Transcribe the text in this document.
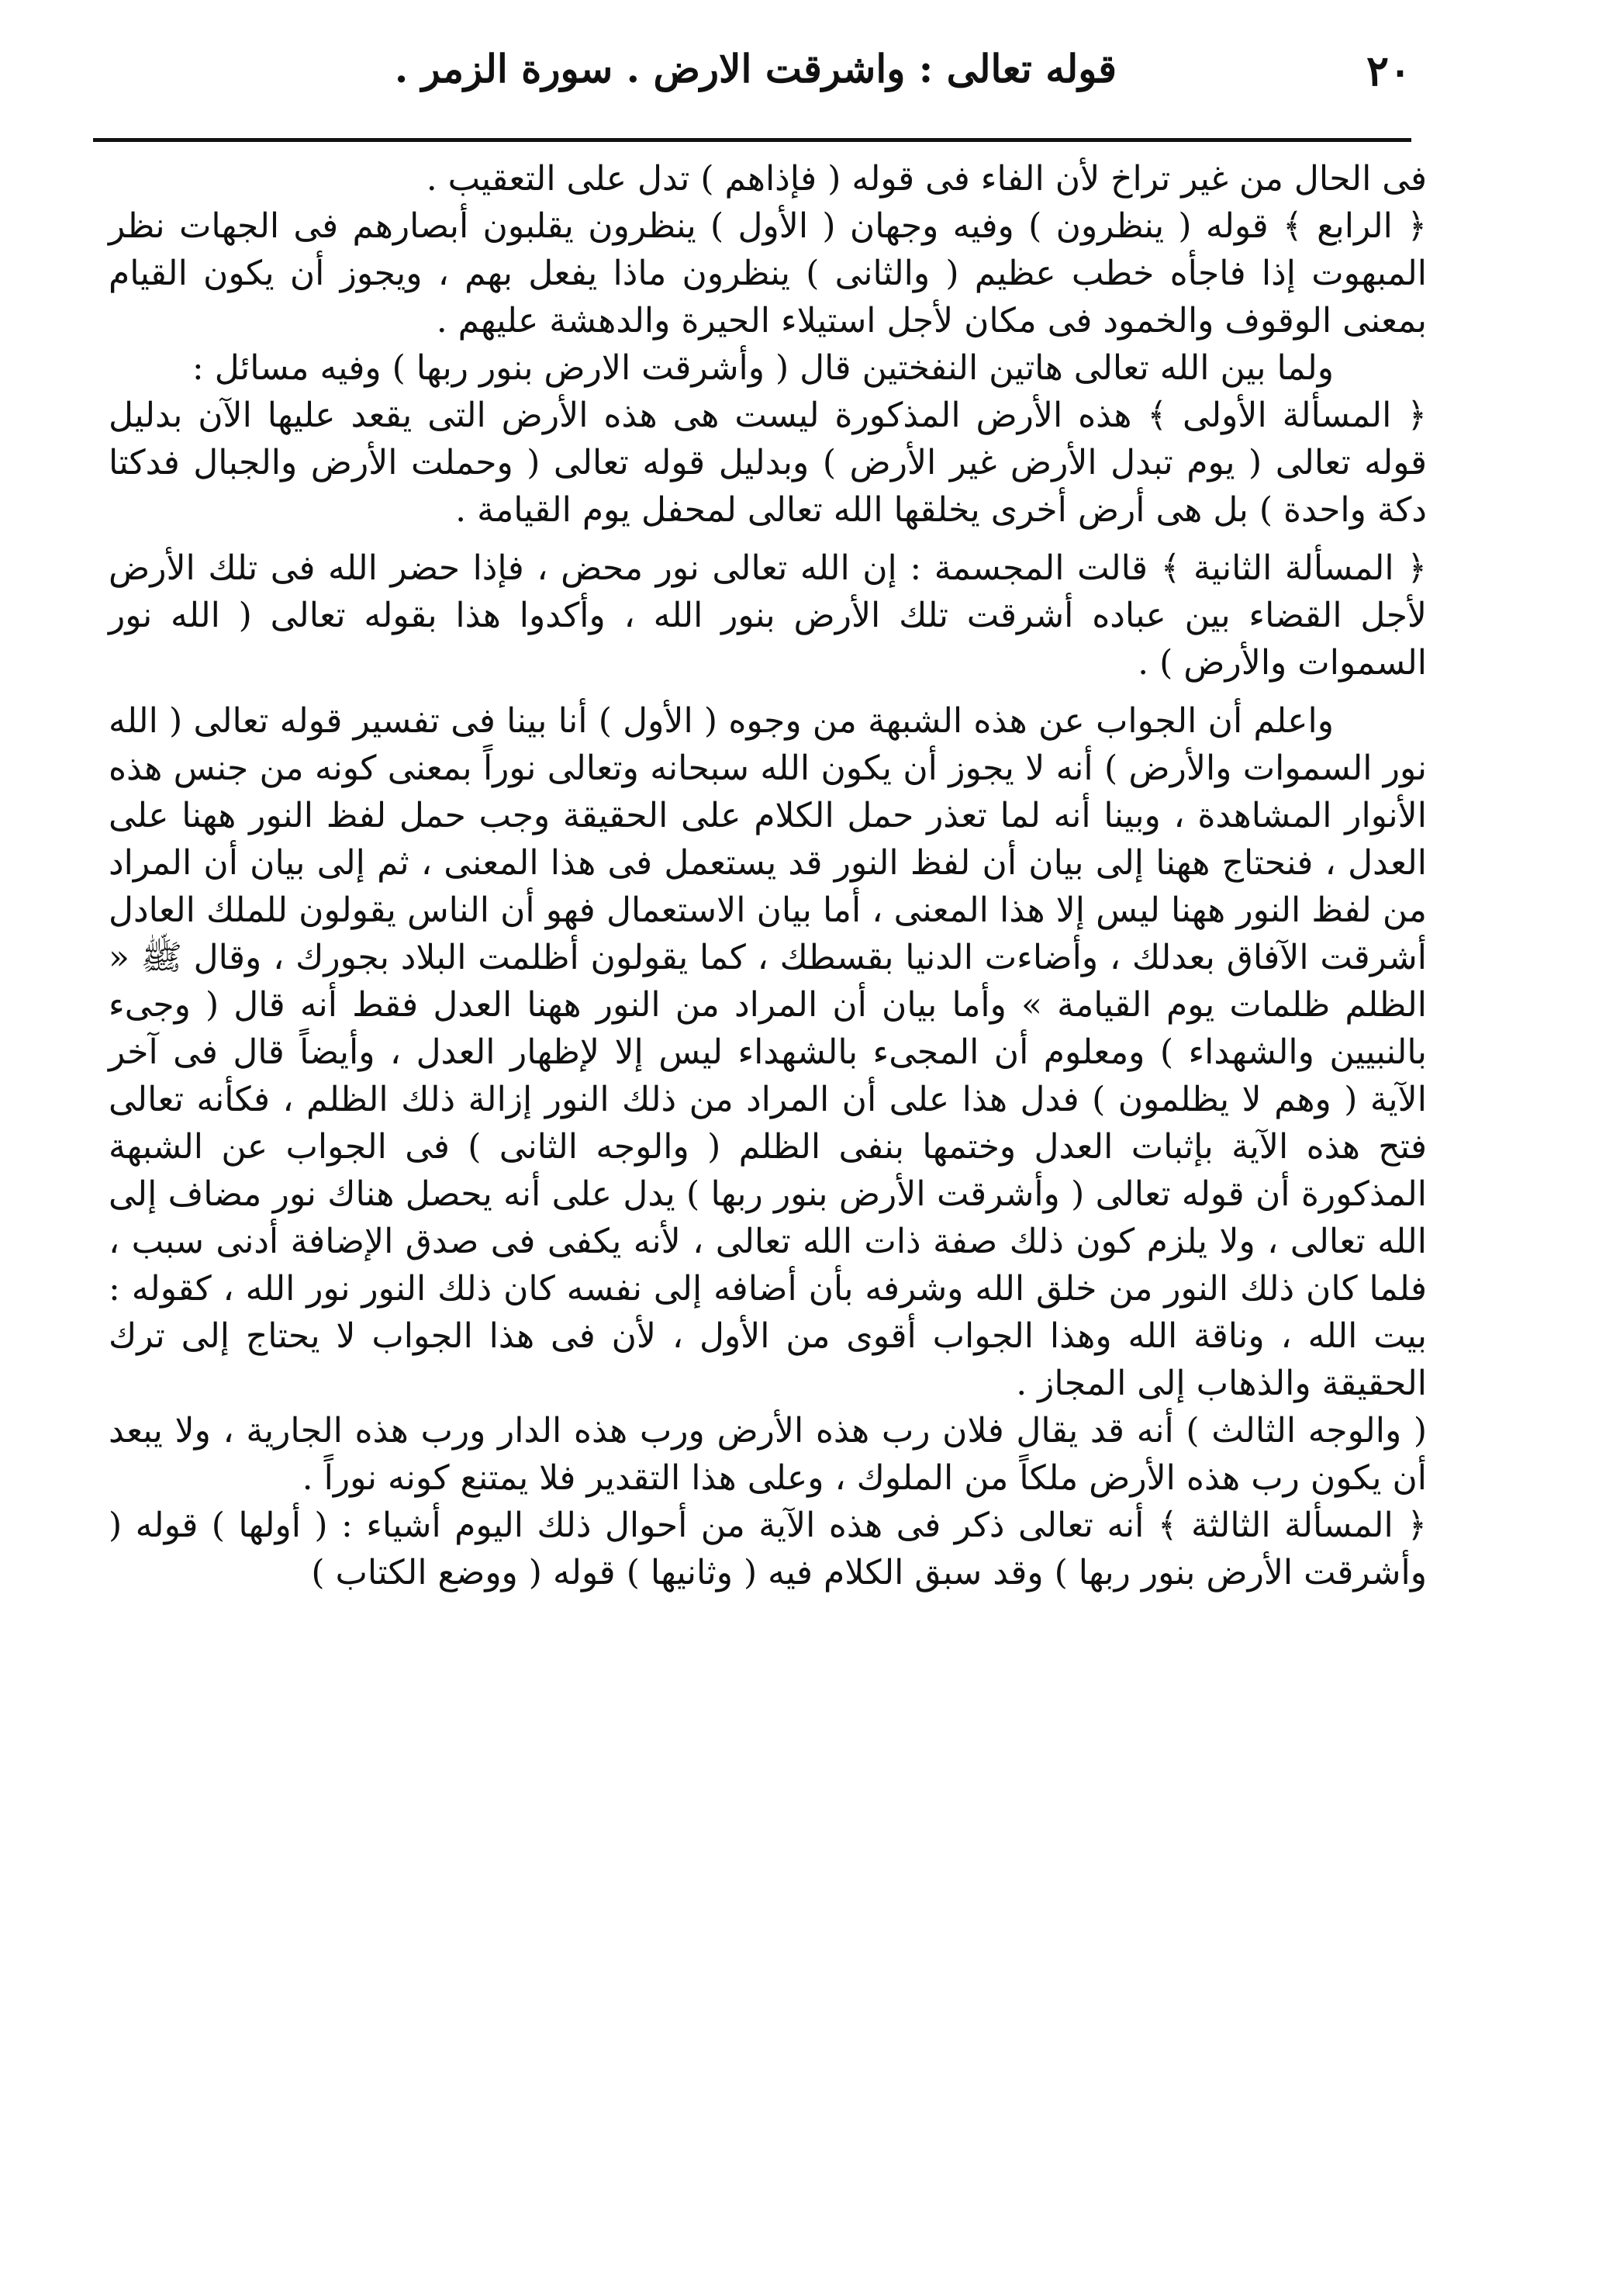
٢٠
قوله تعالى : واشرقت الارض . سورة الزمر .

فى الحال من غير تراخ لأن الفاء فى قوله ( فإذاهم ) تدل على التعقيب .

﴿ الرابع ﴾ قوله ( ينظرون ) وفيه وجهان ( الأول ) ينظرون يقلبون أبصارهم فى الجهات نظر المبهوت إذا فاجأه خطب عظيم ( والثانى ) ينظرون ماذا يفعل بهم ، ويجوز أن يكون القيام بمعنى الوقوف والخمود فى مكان لأجل استيلاء الحيرة والدهشة عليهم .

ولما بين الله تعالى هاتين النفختين قال ( وأشرقت الارض بنور ربها ) وفيه مسائل :

﴿ المسألة الأولى ﴾ هذه الأرض المذكورة ليست هى هذه الأرض التى يقعد عليها الآن بدليل قوله تعالى ( يوم تبدل الأرض غير الأرض ) وبدليل قوله تعالى ( وحملت الأرض والجبال فدكتا دكة واحدة ) بل هى أرض أخرى يخلقها الله تعالى لمحفل يوم القيامة .

﴿ المسألة الثانية ﴾ قالت المجسمة : إن الله تعالى نور محض ، فإذا حضر الله فى تلك الأرض لأجل القضاء بين عباده أشرقت تلك الأرض بنور الله ، وأكدوا هذا بقوله تعالى ( الله نور السموات والأرض ) .

واعلم أن الجواب عن هذه الشبهة من وجوه ( الأول ) أنا بينا فى تفسير قوله تعالى ( الله نور السموات والأرض ) أنه لا يجوز أن يكون الله سبحانه وتعالى نوراً بمعنى كونه من جنس هذه الأنوار المشاهدة ، وبينا أنه لما تعذر حمل الكلام على الحقيقة وجب حمل لفظ النور ههنا على العدل ، فنحتاج ههنا إلى بيان أن لفظ النور قد يستعمل فى هذا المعنى ، ثم إلى بيان أن المراد من لفظ النور ههنا ليس إلا هذا المعنى ، أما بيان الاستعمال فهو أن الناس يقولون للملك العادل أشرقت الآفاق بعدلك ، وأضاءت الدنيا بقسطك ، كما يقولون أظلمت البلاد بجورك ، وقال ﷺ « الظلم ظلمات يوم القيامة » وأما بيان أن المراد من النور ههنا العدل فقط أنه قال ( وجىء بالنبيين والشهداء ) ومعلوم أن المجىء بالشهداء ليس إلا لإظهار العدل ، وأيضاً قال فى آخر الآية ( وهم لا يظلمون ) فدل هذا على أن المراد من ذلك النور إزالة ذلك الظلم ، فكأنه تعالى فتح هذه الآية بإثبات العدل وختمها بنفى الظلم ( والوجه الثانى ) فى الجواب عن الشبهة المذكورة أن قوله تعالى ( وأشرقت الأرض بنور ربها ) يدل على أنه يحصل هناك نور مضاف إلى الله تعالى ، ولا يلزم كون ذلك صفة ذات الله تعالى ، لأنه يكفى فى صدق الإضافة أدنى سبب ، فلما كان ذلك النور من خلق الله وشرفه بأن أضافه إلى نفسه كان ذلك النور نور الله ، كقوله : بيت الله ، وناقة الله وهذا الجواب أقوى من الأول ، لأن فى هذا الجواب لا يحتاج إلى ترك الحقيقة والذهاب إلى المجاز .

( والوجه الثالث ) أنه قد يقال فلان رب هذه الأرض ورب هذه الدار ورب هذه الجارية ، ولا يبعد أن يكون رب هذه الأرض ملكاً من الملوك ، وعلى هذا التقدير فلا يمتنع كونه نوراً .

﴿ المسألة الثالثة ﴾ أنه تعالى ذكر فى هذه الآية من أحوال ذلك اليوم أشياء : ( أولها ) قوله ( وأشرقت الأرض بنور ربها ) وقد سبق الكلام فيه ( وثانيها ) قوله ( ووضع الكتاب )
